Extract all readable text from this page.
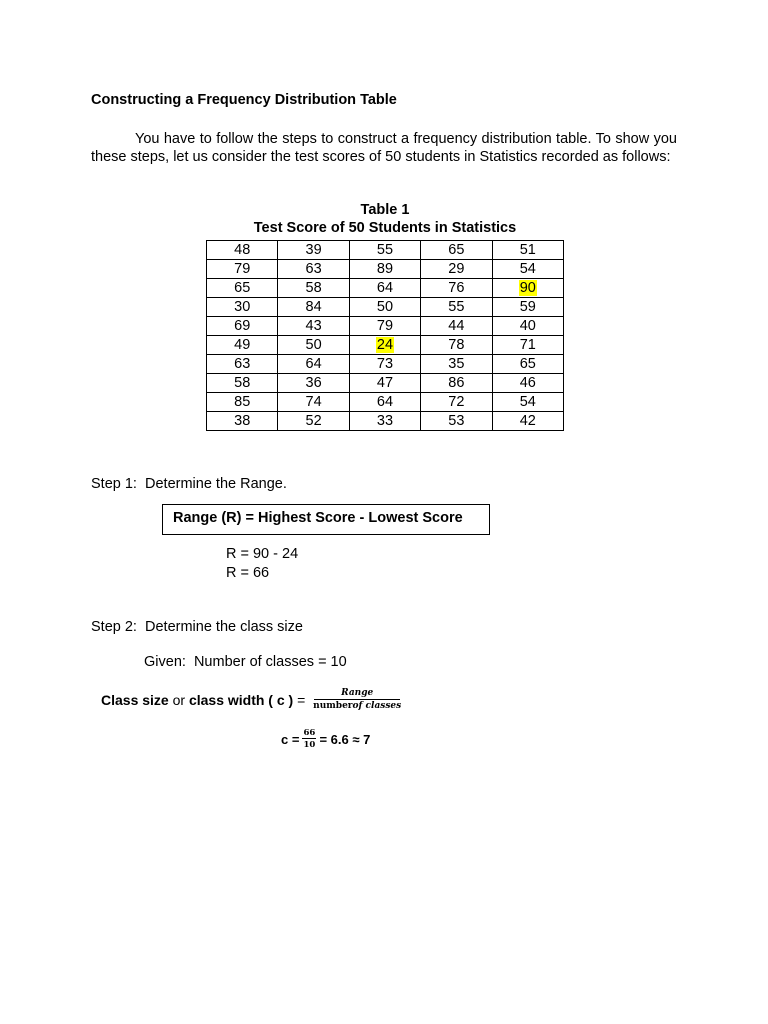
Constructing a Frequency Distribution Table
You have to follow the steps to construct a frequency distribution table. To show you these steps, let us consider the test scores of 50 students in Statistics recorded as follows:
Table 1
Test Score of 50 Students in Statistics
48	39	55	65	51
79	63	89	29	54
65	58	64	76	90
30	84	50	55	59
69	43	79	44	40
49	50	24	78	71
63	64	73	35	65
58	36	47	86	46
85	74	64	72	54
38	52	33	53	42
Step 1:  Determine the Range.
Range (R) = Highest Score - Lowest Score
R = 90 - 24
R = 66
Step 2:  Determine the class size
Given:  Number of classes = 10
Class size or class width ( c ) = $\frac{\text{Range}}{\text{numberof classes}}$
$c = \frac{66}{10} = 6.6 \approx 7$
